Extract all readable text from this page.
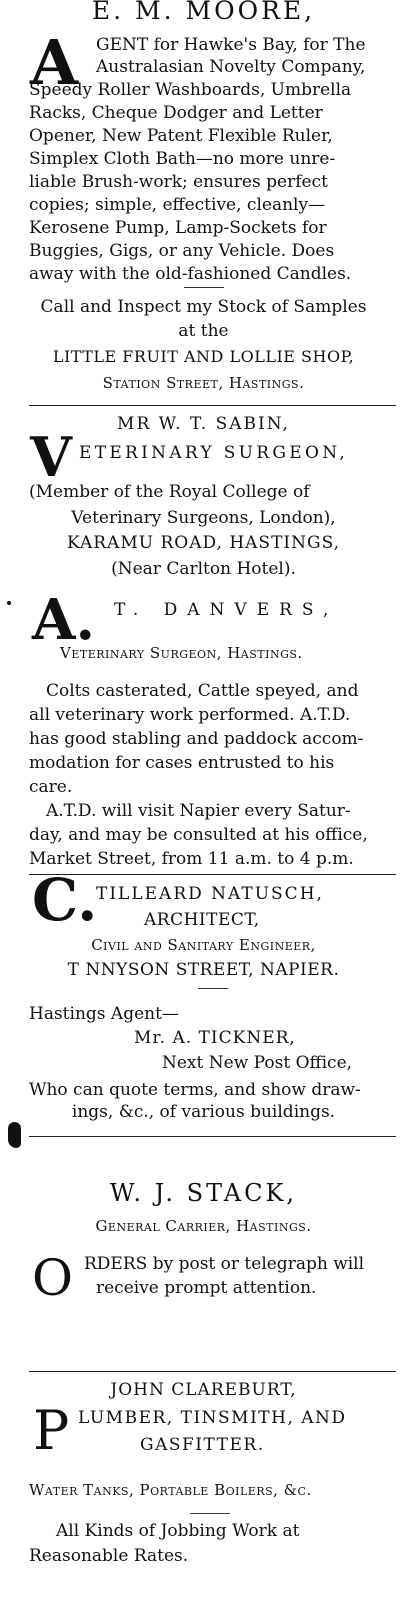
E. M. MOORE,
A GENT for Hawke's Bay, for The
Australasian Novelty Company,
Speedy Roller Washboards, Umbrella
Racks, Cheque Dodger and Letter
Opener, New Patent Flexible Ruler,
Simplex Cloth Bath—no more unre-
liable Brush-work; ensures perfect
copies; simple, effective, cleanly—
Kerosene Pump, Lamp-Sockets for
Buggies, Gigs, or any Vehicle. Does
away with the old-fashioned Candles.
Call and Inspect my Stock of Samples
at the
LITTLE FRUIT AND LOLLIE SHOP,
Station Street, Hastings.
MR W. T. SABIN,
V ETERINARY SURGEON,
(Member of the Royal College of
Veterinary Surgeons, London),
KARAMU ROAD, HASTINGS,
(Near Carlton Hotel).
A. T. DANVERS,
Veterinary Surgeon, Hastings.
Colts casterated, Cattle speyed, and
all veterinary work performed. A.T.D.
has good stabling and paddock accom-
modation for cases entrusted to his
care.
A.T.D. will visit Napier every Satur-
day, and may be consulted at his office,
Market Street, from 11 a.m. to 4 p.m.
C.
TILLEARD NATUSCH,
ARCHITECT,
Civil and Sanitary Engineer,
T NNYSON STREET, NAPIER.
Hastings Agent—
Mr. A. TICKNER,
Next New Post Office,
Who can quote terms, and show draw-
ings, &c., of various buildings.
W. J. STACK,
General Carrier, Hastings.
O RDERS by post or telegraph will
receive prompt attention.
JOHN CLAREBURT,
P LUMBER, TINSMITH, AND
GASFITTER.
Water Tanks, Portable Boilers, &c.
All Kinds of Jobbing Work at
Reasonable Rates.
